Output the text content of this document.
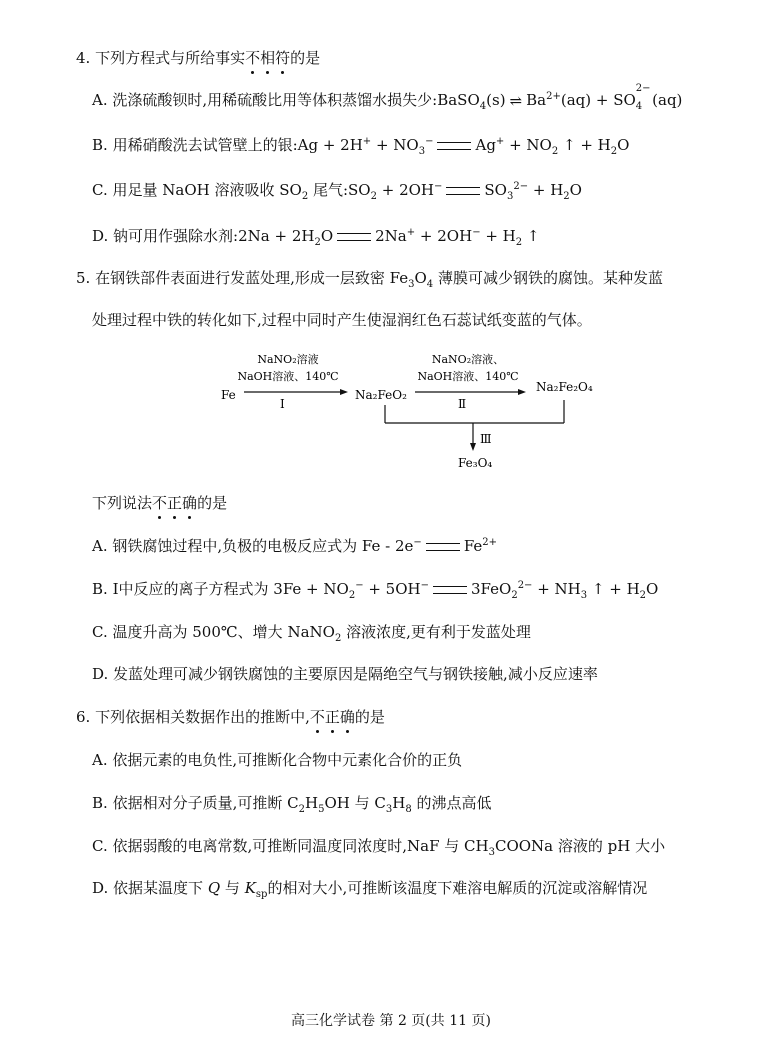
4. 下列方程式与所给事实不相符的是
A. 洗涤硫酸钡时,用稀硫酸比用等体积蒸馏水损失少:BaSO$_4$(s) ⇌ $Ba^{2+}(aq)$ + SO
$_{2- 4}$ (aq)
B. 用稀硝酸洗去试管壁上的银:Ag + $2H^+ + NO_3^-$	$Ag^+ + NO_2$ ↑ + $H_2O$
C. 用足量 NaOH 溶液吸收 $SO_2$ 尾气$:SO_2 + 2OH^-$	$SO_3^{2-} + H_2O$
D. 钠可用作强除水剂:2Na + $2H_2O$	$2Na^+ + 2OH^- + H_2$ ↑
5. 在钢铁部件表面进行发蓝处理,形成一层致密 $Fe_3O_4$ 薄膜可减少钢铁的腐蚀。某种发蓝
处理过程中铁的转化如下,过程中同时产生使湿润红色石蕊试纸变蓝的气体。
Fe
NaNO₂溶液
NaOH溶液、140℃
Ⅰ
Na₂FeO₂
NaNO₂溶液、
NaOH溶液、140℃
Ⅱ
Na₂Fe₂O₄
Ⅲ
Fe₃O₄
下列说法不正确的是
A. 钢铁腐蚀过程中,负极的电极反应式为 Fe - 2e−	$Fe^{2+}$
B. Ⅰ中反应的离子方程式为 $3Fe + NO_2^- + 5OH^-$	$3FeO_2^{2-} + NH_3$ ↑ + $H_2O$
C. 温度升高为 500℃、增大 NaNO$_2$ 溶液浓度,更有利于发蓝处理
D. 发蓝处理可减少钢铁腐蚀的主要原因是隔绝空气与钢铁接触,减小反应速率
6. 下列依据相关数据作出的推断中,不正确的是
A. 依据元素的电负性,可推断化合物中元素化合价的正负
B. 依据相对分子质量,可推断 $C_2H_5OH$ 与 $C_3H_8$ 的沸点高低
C. 依据弱酸的电离常数,可推断同温度同浓度时,NaF 与 $CH_3COONa$ 溶液的 pH 大小
D. 依据某温度下 Q 与 $K_{sp}$的相对大小,可推断该温度下难溶电解质的沉淀或溶解情况
高三化学试卷 第 2 页(共 11 页)
